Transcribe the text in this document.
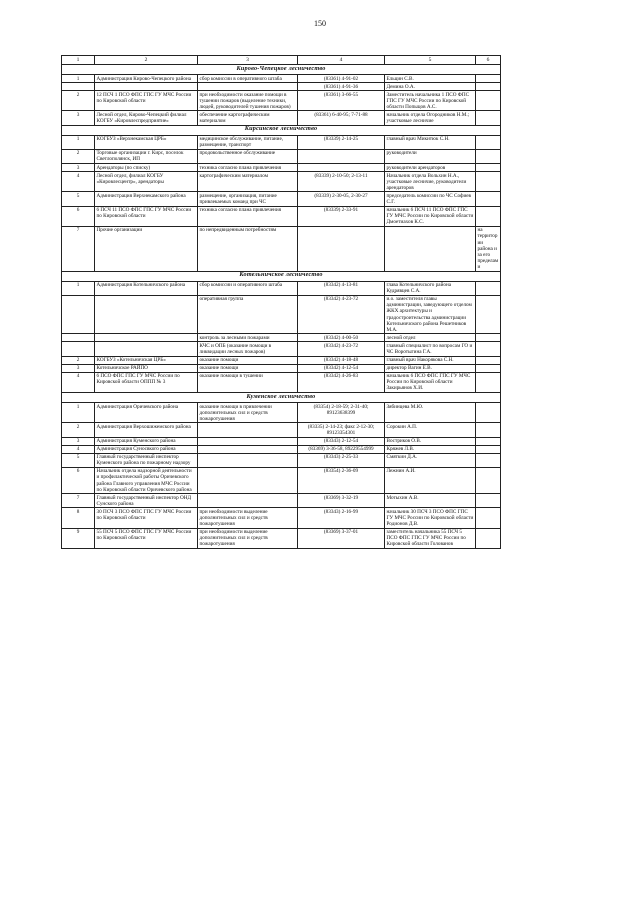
150
1	2	3	4	5	6
Кирово-Чепецкое лесничество					
1	Администрация Кирово-Чепецкого района	сбор комиссии в оперативного штаба	(83361) 4-91-02	Ельцин С.В.	
			(83361) 4-91-36	Демина О.А.	
2	12 ПСЧ 1 ПСО ФПС ГПС ГУ МЧС России по Кировской области	при необходимости оказание помощи в тушении пожаров (выделение техники, людей, руководителей тушения пожаров)	(83361) 3-66-55	Заместитель начальника 1 ПСО ФПС ГПС ГУ МЧС России по Кировской области Попыцов А.С.	
3	Лесной отдел, Кирово-Чепецкий филиал КОГБУ «Кировлеспредприятие»	обеспечение картографическим материалом	(83361) 6-40-95; 7-71-88	начальник отдела Огородников Н.М.; участковые лесничие	
Кирсинское лесничество					
1	КОГБУЗ «Верхнекамская ЦРБ»	медицинское обслуживание, питание, размещение, транспорт	(83339) 2-14-25	главный врач Микитюк С.Н.	
2	Торговые организации г. Кирс, поселок Светлополянск, ИП	продовольственное обслуживание		руководители	
3	Арендаторы (по списку)	техника согласно плана привлечения		руководители арендаторов	
4	Лесной отдел, филиал КОГБУ «Кировлесцентр», арендаторы	картографическим материалом	(83339) 2-10-50; 2-13-11	Начальник отдела Вольхин Н.А., участковые лесничие, руководители арендаторов	
5	Администрация Верхнекамского района	размещение, организация, питание привлекаемых команд при ЧС	(83339) 2-30-05, 2-30-27	председатель комиссии по ЧС Софиев С.Г.	
6	6 ПСЧ 11 ПСО ФПС ГПС ГУ МЧС России по Кировской области	техника согласно плана привлечения	(83339) 2-33-91	начальник 6 ПСЧ 11 ПСО ФПС ГПС ГУ МЧС России по Кировской области Дмоетиахов К.С.	
7	Прочие организации	по непредвиденным потребностям			на территории района и за его пределами
Котельничское лесничество					
1	Администрация Котельничского района	сбор комиссии и оперативного штаба	(83342) 4-13-81	глава Котельничского района Кудрявцев С.А.	
		оперативная группа	(83342) 4-23-72	и.о. заместителя главы администрации, заведующего отделом ЖКХ архитектуры и градостроительства администрации Котельничского района Решетников М.А.	
		контроль за лесными пожарами	(83342) 4-00-50	лесной отдел	
		КЧС и ОПБ (оказание помощи в ликвидации лесных пожаров)	(83342) 4-23-72	главный специалист по вопросам ГО и ЧС Воротыгина Г.А.	
2	КОГБУЗ «Котельничская ЦРБ»	оказание помощи	(83342) 4-18-48	главный врач Накорякова С.Н.	
3	Котельничское РАЙПО	оказание помощи	(83342) 4-12-54	директор Вагин Е.В.	
4	6 ПСО ФПС ГПС ГУ МЧС России по Кировской области ОППП № 3	оказание помощи в тушении	(83342) 4-26-83	начальник 6 ПСО ФПС ГПС ГУ МЧС России по Кировской области Закирьянов Х.И.	
Куменское лесничество					
1	Администрация Оричевского района	оказание помощи в привлечении дополнительных сил и средств пожаротушения	(83354) 2-18-59; 2-31-40; 89123638399	Зябинцева М.Ю.	
2	Администрация Верхошижемского района		(83335) 2-14-23; факс 2-12-30; 89123354301	Сорокин А.П.	
3	Администрация Куменского района		(83343) 2-12-54	Востриков О.В.	
4	Администрация Суносвкого района		(83369) 3-36-58, 89229554999	Кряжев Л.В.	
5	Главный государственный инспектор Куменского района по пожарному надзору		(83343) 2-25-33	Смяткин Д.А.	
6	Начальник отдела надзорной деятельности и профилактической работы Оричевского района Главного управления МЧС России по Кировской области Оричевского района		(83354) 2-36-09	Лежнин А.И.	
7	Главный государственный инспектор ОНД Сунского района		(83369) 3-32-19	Мотыхин А.В.	
8	30 ПСЧ 3 ПСО ФПС ГПС ГУ МЧС России по Кировской области	при необходимости выделение дополнительных сил и средств пожаротушения	(83343) 2-16-99	начальник 30 ПСЧ 3 ПСО ФПС ГПС ГУ МЧС России по Кировской области Родионов Д.В.	
9	55 ПСЧ 5 ПСО ФПС ГПС ГУ МЧС России по Кировской области	при необходимости выделение дополнительных сил и средств пожаротушения	(83369) 3-37-01	заместитель начальника 55 ПСЧ 5 ПСО ФПС ГПС ГУ МЧС России по Кировской области Голованов	
